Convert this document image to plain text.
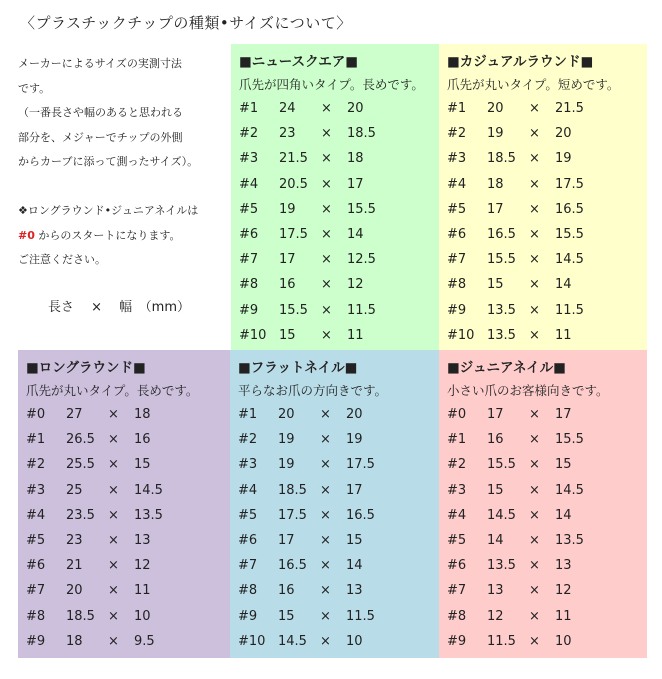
〈プラスチックチップの種類•サイズについて〉
メーカーによるサイズの実測寸法
です。
（一番長さや幅のあると思われる
部分を、メジャーでチップの外側
からカーブに添って測ったサイズ）。
❖ロングラウンド•ジュニアネイルは
#0 からのスタートになります。
ご注意ください。
長さ　 ×　 幅　（mm）
■ニュースクエア■
爪先が四角いタイプ。長めです。
#1 24 × 20
#2 23 × 18.5
#3 21.5 × 18
#4 20.5 × 17
#5 19 × 15.5
#6 17.5 × 14
#7 17 × 12.5
#8 16 × 12
#9 15.5 × 11.5
#10 15 × 11
■カジュアルラウンド■
爪先が丸いタイプ。短めです。
#1 20 × 21.5
#2 19 × 20
#3 18.5 × 19
#4 18 × 17.5
#5 17 × 16.5
#6 16.5 × 15.5
#7 15.5 × 14.5
#8 15 × 14
#9 13.5 × 11.5
#10 13.5 × 11
■ロングラウンド■
爪先が丸いタイプ。長めです。
#0 27 × 18
#1 26.5 × 16
#2 25.5 × 15
#3 25 × 14.5
#4 23.5 × 13.5
#5 23 × 13
#6 21 × 12
#7 20 × 11
#8 18.5 × 10
#9 18 × 9.5
■フラットネイル■
平らなお爪の方向きです。
#1 20 × 20
#2 19 × 19
#3 19 × 17.5
#4 18.5 × 17
#5 17.5 × 16.5
#6 17 × 15
#7 16.5 × 14
#8 16 × 13
#9 15 × 11.5
#10 14.5 × 10
■ジュニアネイル■
小さい爪のお客様向きです。
#0 17 × 17
#1 16 × 15.5
#2 15.5 × 15
#3 15 × 14.5
#4 14.5 × 14
#5 14 × 13.5
#6 13.5 × 13
#7 13 × 12
#8 12 × 11
#9 11.5 × 10
